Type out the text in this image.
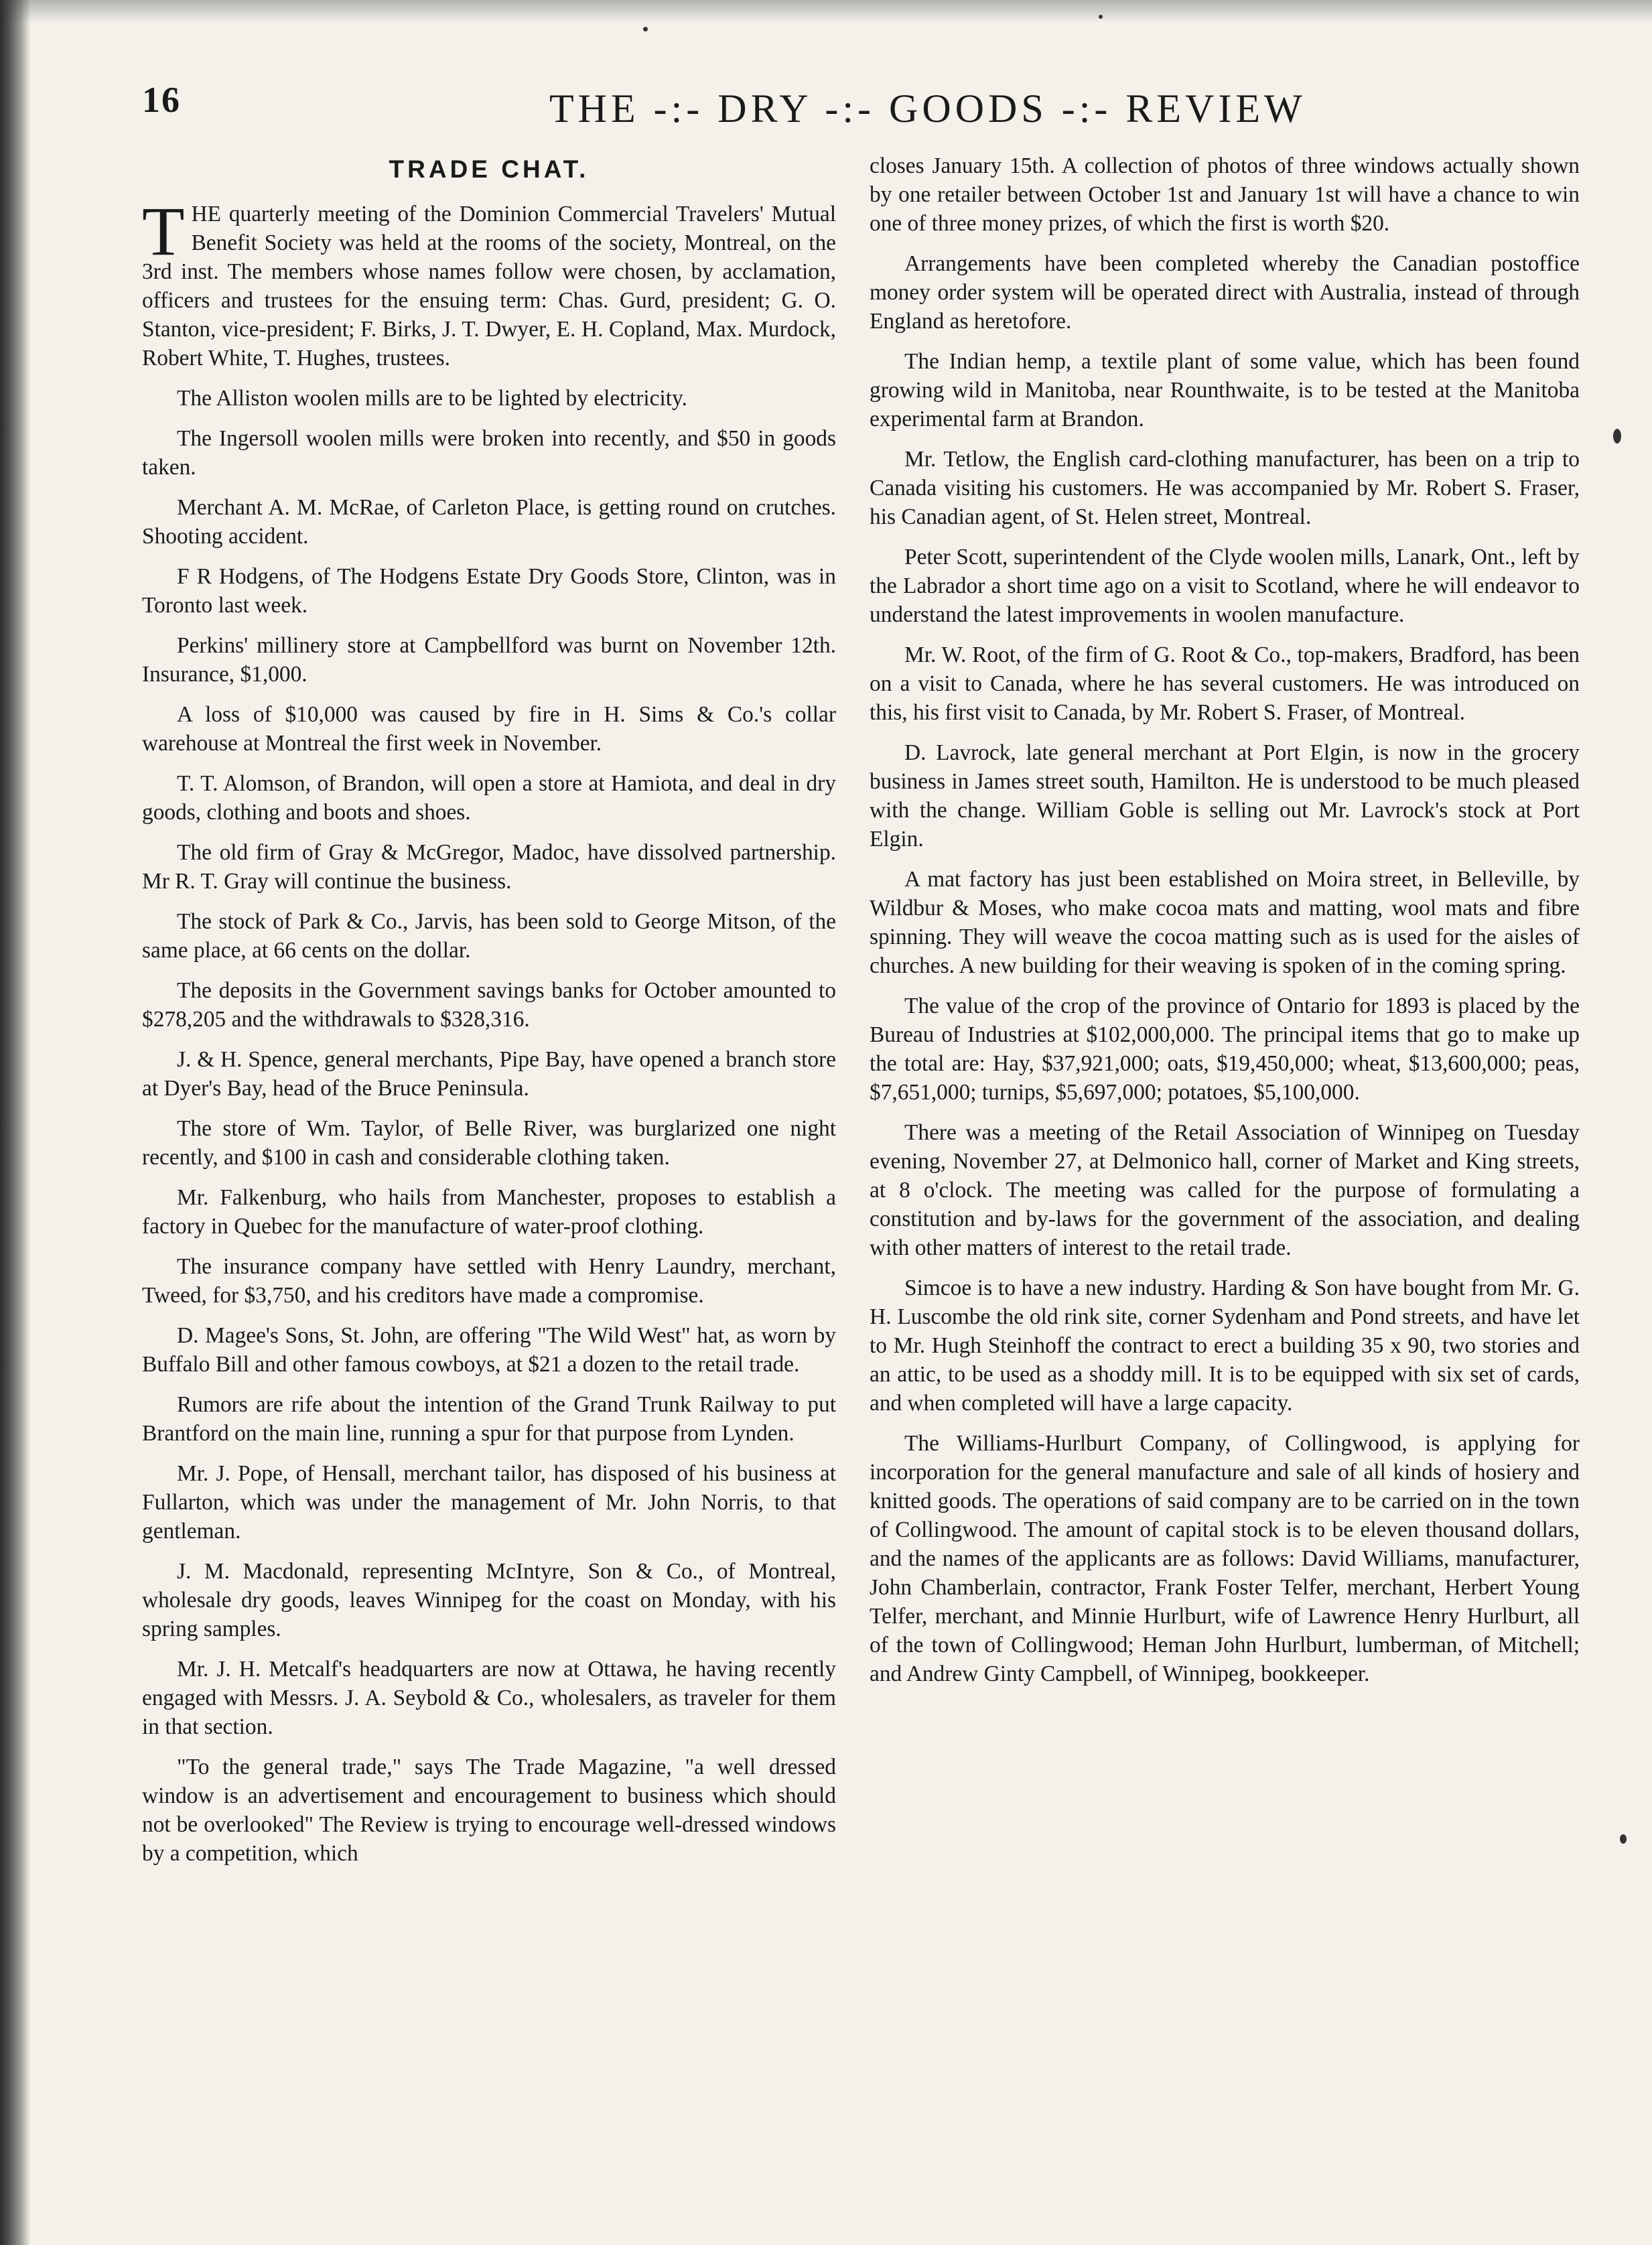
16	THE -:- DRY -:- GOODS -:- REVIEW
TRADE CHAT.

THE quarterly meeting of the Dominion Commercial Travelers' Mutual Benefit Society was held at the rooms of the society, Montreal, on the 3rd inst. The members whose names follow were chosen, by acclamation, officers and trustees for the ensuing term: Chas. Gurd, president; G. O. Stanton, vice-president; F. Birks, J. T. Dwyer, E. H. Copland, Max. Murdock, Robert White, T. Hughes, trustees.

The Alliston woolen mills are to be lighted by electricity.

The Ingersoll woolen mills were broken into recently, and $50 in goods taken.

Merchant A. M. McRae, of Carleton Place, is getting round on crutches. Shooting accident.

F R Hodgens, of The Hodgens Estate Dry Goods Store, Clinton, was in Toronto last week.

Perkins' millinery store at Campbellford was burnt on November 12th. Insurance, $1,000.

A loss of $10,000 was caused by fire in H. Sims & Co.'s collar warehouse at Montreal the first week in November.

T. T. Alomson, of Brandon, will open a store at Hamiota, and deal in dry goods, clothing and boots and shoes.

The old firm of Gray & McGregor, Madoc, have dissolved partnership. Mr R. T. Gray will continue the business.

The stock of Park & Co., Jarvis, has been sold to George Mitson, of the same place, at 66 cents on the dollar.

The deposits in the Government savings banks for October amounted to $278,205 and the withdrawals to $328,316.

J. & H. Spence, general merchants, Pipe Bay, have opened a branch store at Dyer's Bay, head of the Bruce Peninsula.

The store of Wm. Taylor, of Belle River, was burglarized one night recently, and $100 in cash and considerable clothing taken.

Mr. Falkenburg, who hails from Manchester, proposes to establish a factory in Quebec for the manufacture of water-proof clothing.

The insurance company have settled with Henry Laundry, merchant, Tweed, for $3,750, and his creditors have made a compromise.

D. Magee's Sons, St. John, are offering "The Wild West" hat, as worn by Buffalo Bill and other famous cowboys, at $21 a dozen to the retail trade.

Rumors are rife about the intention of the Grand Trunk Railway to put Brantford on the main line, running a spur for that purpose from Lynden.

Mr. J. Pope, of Hensall, merchant tailor, has disposed of his business at Fullarton, which was under the management of Mr. John Norris, to that gentleman.

J. M. Macdonald, representing McIntyre, Son & Co., of Montreal, wholesale dry goods, leaves Winnipeg for the coast on Monday, with his spring samples.

Mr. J. H. Metcalf's headquarters are now at Ottawa, he having recently engaged with Messrs. J. A. Seybold & Co., wholesalers, as traveler for them in that section.

"To the general trade," says The Trade Magazine, "a well dressed window is an advertisement and encouragement to business which should not be overlooked" The Review is trying to encourage well-dressed windows by a competition, which

closes January 15th. A collection of photos of three windows actually shown by one retailer between October 1st and January 1st will have a chance to win one of three money prizes, of which the first is worth $20.

Arrangements have been completed whereby the Canadian postoffice money order system will be operated direct with Australia, instead of through England as heretofore.

The Indian hemp, a textile plant of some value, which has been found growing wild in Manitoba, near Rounthwaite, is to be tested at the Manitoba experimental farm at Brandon.

Mr. Tetlow, the English card-clothing manufacturer, has been on a trip to Canada visiting his customers. He was accompanied by Mr. Robert S. Fraser, his Canadian agent, of St. Helen street, Montreal.

Peter Scott, superintendent of the Clyde woolen mills, Lanark, Ont., left by the Labrador a short time ago on a visit to Scotland, where he will endeavor to understand the latest improvements in woolen manufacture.

Mr. W. Root, of the firm of G. Root & Co., top-makers, Bradford, has been on a visit to Canada, where he has several customers. He was introduced on this, his first visit to Canada, by Mr. Robert S. Fraser, of Montreal.

D. Lavrock, late general merchant at Port Elgin, is now in the grocery business in James street south, Hamilton. He is understood to be much pleased with the change. William Goble is selling out Mr. Lavrock's stock at Port Elgin.

A mat factory has just been established on Moira street, in Belleville, by Wildbur & Moses, who make cocoa mats and matting, wool mats and fibre spinning. They will weave the cocoa matting such as is used for the aisles of churches. A new building for their weaving is spoken of in the coming spring.

The value of the crop of the province of Ontario for 1893 is placed by the Bureau of Industries at $102,000,000. The principal items that go to make up the total are: Hay, $37,921,000; oats, $19,450,000; wheat, $13,600,000; peas, $7,651,000; turnips, $5,697,000; potatoes, $5,100,000.

There was a meeting of the Retail Association of Winnipeg on Tuesday evening, November 27, at Delmonico hall, corner of Market and King streets, at 8 o'clock. The meeting was called for the purpose of formulating a constitution and by-laws for the government of the association, and dealing with other matters of interest to the retail trade.

Simcoe is to have a new industry. Harding & Son have bought from Mr. G. H. Luscombe the old rink site, corner Sydenham and Pond streets, and have let to Mr. Hugh Steinhoff the contract to erect a building 35 x 90, two stories and an attic, to be used as a shoddy mill. It is to be equipped with six set of cards, and when completed will have a large capacity.

The Williams-Hurlburt Company, of Collingwood, is applying for incorporation for the general manufacture and sale of all kinds of hosiery and knitted goods. The operations of said company are to be carried on in the town of Collingwood. The amount of capital stock is to be eleven thousand dollars, and the names of the applicants are as follows: David Williams, manufacturer, John Chamberlain, contractor, Frank Foster Telfer, merchant, Herbert Young Telfer, merchant, and Minnie Hurlburt, wife of Lawrence Henry Hurlburt, all of the town of Collingwood; Heman John Hurlburt, lumberman, of Mitchell; and Andrew Ginty Campbell, of Winnipeg, bookkeeper.
